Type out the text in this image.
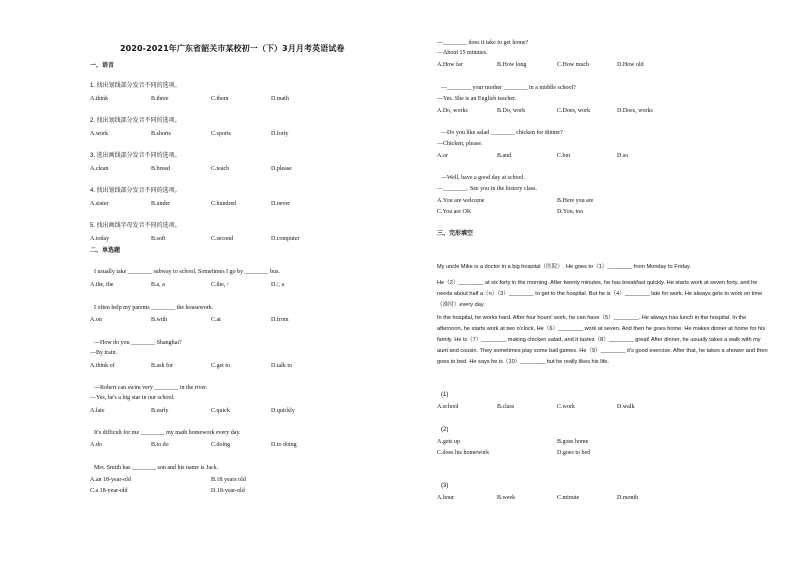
2020-2021年广东省韶关市某校初一（下）3月月考英语试卷
一、语音
1. 找出划线部分发音不同的选项。
A.think	B.three	C.them	D.math
2. 找出划线部分发音不同的选项。
A.work	B.shorts	C.sports	D.forty
3. 选出画线部分发音不同的选项。
A.clean	B.bread	C.teach	D.please
4. 找出划线部分发音不同的选项。
A.sister	B.under	C.hundred	D.never
5. 找出画线字母发音不同的选项。
A.today	B.soft	C.second	D.computer
二、单选题
I usually take ________ subway to school. Sometimes I go by ________ bus.
A.the, the	B.a, a	C.the, /	D./, a
I often help my parents ________ the housework.
A.on	B.with	C.at	D.from
—How do you ________ Shanghai?
—By train.
A.think of	B.ask for	C.get to	D.talk to
—Robert can swim very ________ in the river.
—Yes, he's a big star in our school.
A.late	B.early	C.quick	D.quickly
It's difficult for me ________ my math homework every day.
A.do	B.to do	C.doing	D.to doing
Mrs. Smith has ________ son and his name is Jack.
A.an 18-year-old	B.18 years old
C.a 18-year-old	D.18-year-old
—________ does it take to get home?
—About 15 minutes.
A.How far	B.How long	C.How much	D.How old
—________ your mother ________ in a middle school?
—Yes. She is an English teacher.
A.Do, works	B.Do, work	C.Does, work	D.Does, works
—Do you like salad ________ chicken for dinner?
—Chicken, please.
A.or	B.and	C.but	D.so
—Well, have a good day at school.
—________. See you in the history class.
A.You are welcome	B.Here you are
C.You are OK	D.You, too
三、完形填空
My uncle Mike is a doctor in a big hospital（医院）. He goes to（1）________ from Monday to Friday.
He（2）________ at six forty in the morning. After twenty minutes, he has breakfast quickly. He starts work at seven forty, and he needs about half a（n）（3）________ to get to the hospital. But he is（4）________ late for work. He always gets to work on time（准时）every day.
In the hospital, he works hard. After four hours' work, he can have（5）________. He always has lunch in the hospital. In the afternoon, he starts work at two o'clock. He（6）________ work at seven. And then he goes home. He makes dinner at home for his family. He is（7）________ making chicken salad, and it tastes（8）________ great! After dinner, he usually takes a walk with my aunt and cousin. They sometimes play some ball games. He（9）________ it's good exercise. After that, he takes a shower and then goes to bed. He says he is（10）________ but he really likes his life.
(1)
A.school	B.class	C.work	D.walk
(2)
A.gets up	B.goes home
C.does his homework	D.goes to bed
(3)
A.hour	B.week	C.minute	D.month
